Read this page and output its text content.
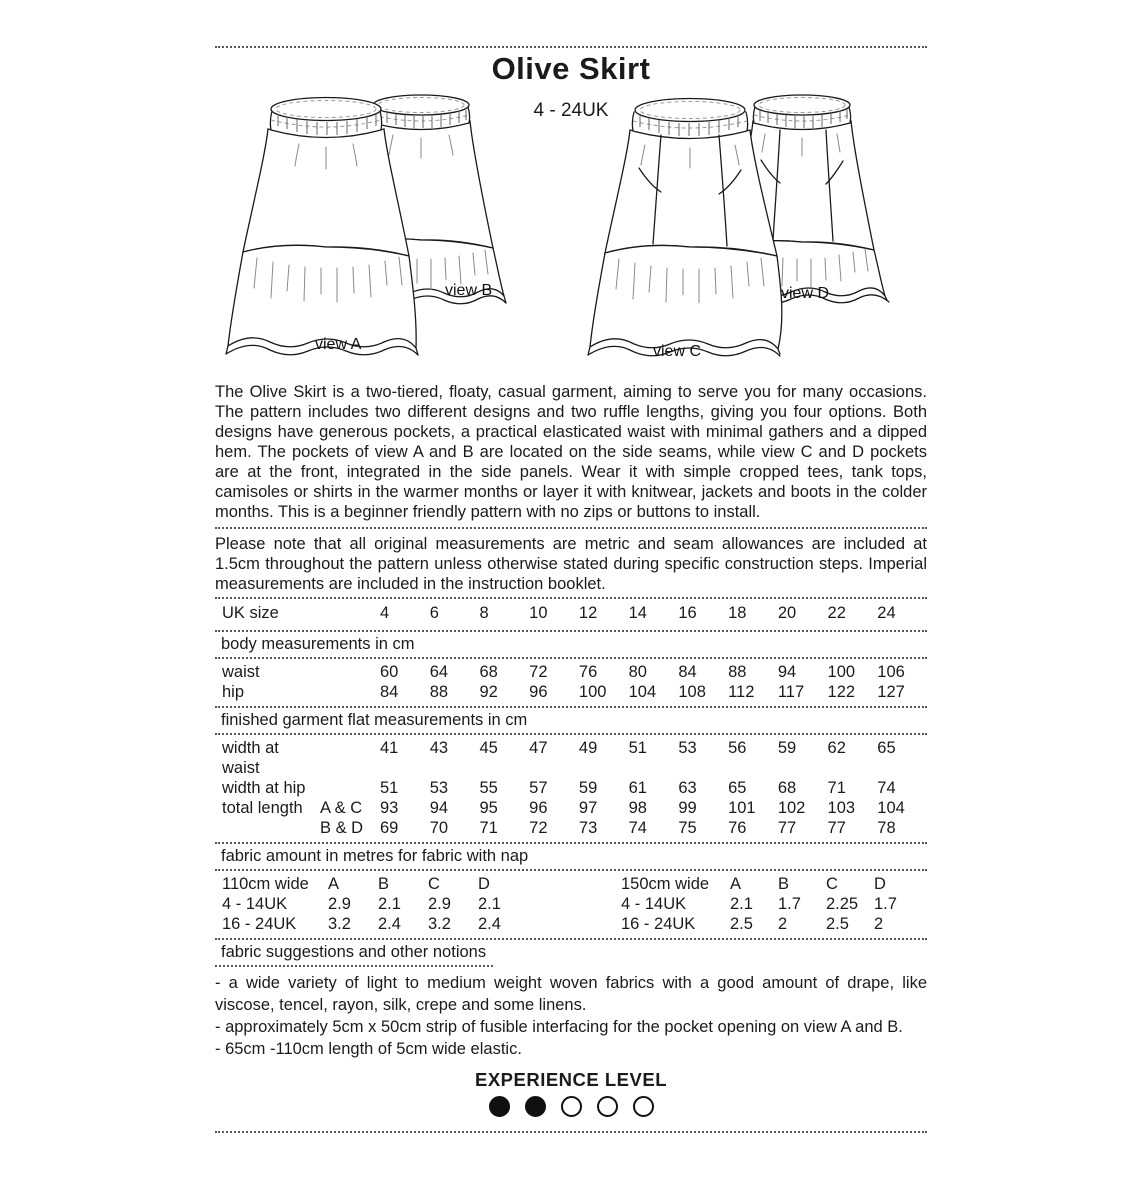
Olive Skirt
4 - 24UK
view A
view B
view C
view D

The Olive Skirt is a two-tiered, floaty, casual garment, aiming to serve you for many occasions. The pattern includes two different designs and two ruffle lengths, giving you four options. Both designs have generous pockets, a practical elasticated waist with minimal gathers and a dipped hem. The pockets of view A and B are located on the side seams, while view C and D pockets are at the front, integrated in the side panels. Wear it with simple cropped tees, tank tops, camisoles or shirts in the warmer months or layer it with knitwear, jackets and boots in the colder months. This is a beginner friendly pattern with no zips or buttons to install.

Please note that all original measurements are metric and seam allowances are included at 1.5cm throughout the pattern unless otherwise stated during specific construction steps. Imperial measurements are included in the instruction booklet.

UK size	4	6	8	10	12	14	16	18	20	22	24
body measurements in cm
waist	60	64	68	72	76	80	84	88	94	100	106
hip	84	88	92	96	100	104	108	112	117	122	127
finished garment flat measurements in cm
width at waist
41	43	45	47	49	51	53	56	59	62	65
width at hip	51	53	55	57	59	61	63	65	68	71	74
total length	A & C	93	94	95	96	97	98	99	101	102	103	104
B & D	69	70	71	72	73	74	75	76	77	77	78
fabric amount in metres for fabric with nap
110cm wide	A	B	C	D	150cm wide	A	B	C	D
4 - 14UK	2.9	2.1	2.9	2.1	4 - 14UK	2.1	1.7	2.25 1.7
16 - 24UK	3.2	2.4	3.2	2.4	16 - 24UK	2.5	2	2.5	2
fabric suggestions and other notions
- a wide variety of light to medium weight woven fabrics with a good amount of drape, like viscose, tencel, rayon, silk, crepe and some linens.
- approximately 5cm x 50cm strip of fusible interfacing for the pocket opening on view A and B.
- 65cm -110cm length of 5cm wide elastic.
EXPERIENCE LEVEL
